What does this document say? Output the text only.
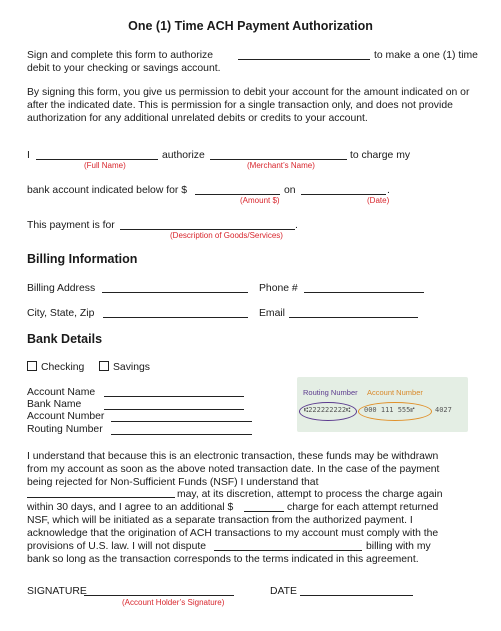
One (1) Time ACH Payment Authorization
Sign and complete this form to authorize	to make a one (1) time
debit to your checking or savings account.
By signing this form, you give us permission to debit your account for the amount indicated on or
after the indicated date. This is permission for a single transaction only, and does not provide
authorization for any additional unrelated debits or credits to your account.
I	authorize	to charge my
(Full Name)	(Merchant’s Name)
bank account indicated below for $	on	.
(Amount $)	(Date)
This payment is for	.
(Description of Goods/Services)
Billing Information
Billing Address	Phone #
City, State, Zip	Email
Bank Details
Checking	Savings
Account Name
Bank Name
Account Number
Routing Number
Routing Number Account Number
⑆222222222⑆ 000 111 555⑈	4027
I understand that because this is an electronic transaction, these funds may be withdrawn
from my account as soon as the above noted transaction date. In the case of the payment
being rejected for Non-Sufficient Funds (NSF) I understand that
may, at its discretion, attempt to process the charge again
within 30 days, and I agree to an additional $	charge for each attempt returned
NSF, which will be initiated as a separate transaction from the authorized payment. I
acknowledge that the origination of ACH transactions to my account must comply with the
provisions of U.S. law. I will not dispute	billing with my
bank so long as the transaction corresponds to the terms indicated in this agreement.
SIGNATURE	DATE
(Account Holder’s Signature)
